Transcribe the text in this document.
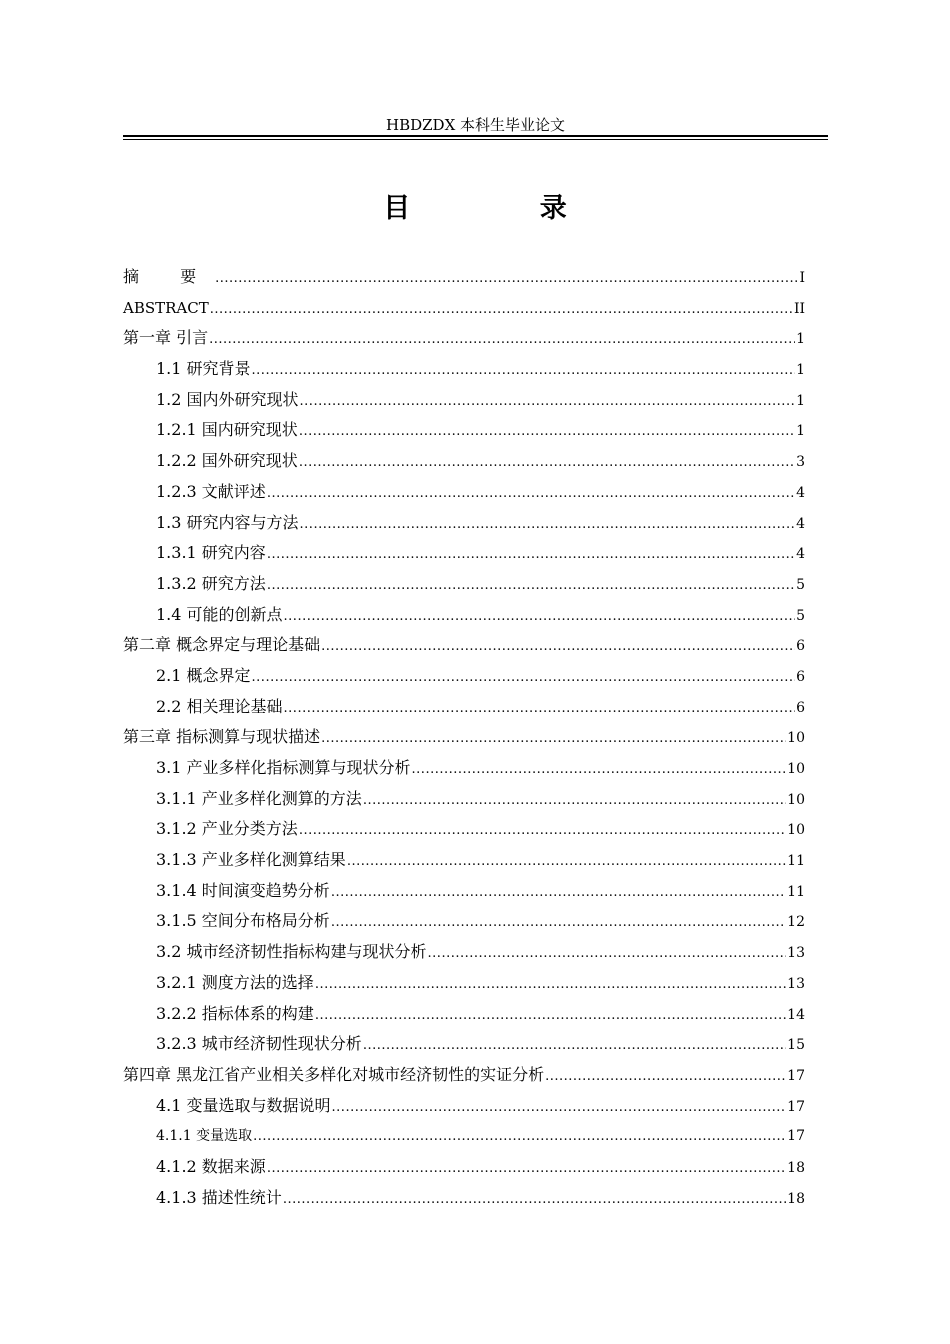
HBDZDX 本科生毕业论文
目 录
摘 要 .....	I
ABSTRACT .....	II
第一章 引言 .....	1
1.1 研究背景 .....	1
1.2 国内外研究现状 .....	1
1.2.1 国内研究现状 .....	1
1.2.2 国外研究现状 .....	3
1.2.3 文献评述 .....	4
1.3 研究内容与方法 .....	4
1.3.1 研究内容 .....	4
1.3.2 研究方法 .....	5
1.4 可能的创新点 .....	5
第二章 概念界定与理论基础 .....	6
2.1 概念界定 .....	6
2.2 相关理论基础 .....	6
第三章 指标测算与现状描述 .....	10
3.1 产业多样化指标测算与现状分析 .....	10
3.1.1 产业多样化测算的方法 .....	10
3.1.2 产业分类方法 .....	10
3.1.3 产业多样化测算结果 .....	11
3.1.4 时间演变趋势分析 .....	11
3.1.5 空间分布格局分析 .....	12
3.2 城市经济韧性指标构建与现状分析 .....	13
3.2.1 测度方法的选择 .....	13
3.2.2 指标体系的构建 .....	14
3.2.3 城市经济韧性现状分析 .....	15
第四章 黑龙江省产业相关多样化对城市经济韧性的实证分析 .....	17
4.1 变量选取与数据说明 .....	17
4.1.1 变量选取 .....	17
4.1.2 数据来源 .....	18
4.1.3 描述性统计 .....	18
